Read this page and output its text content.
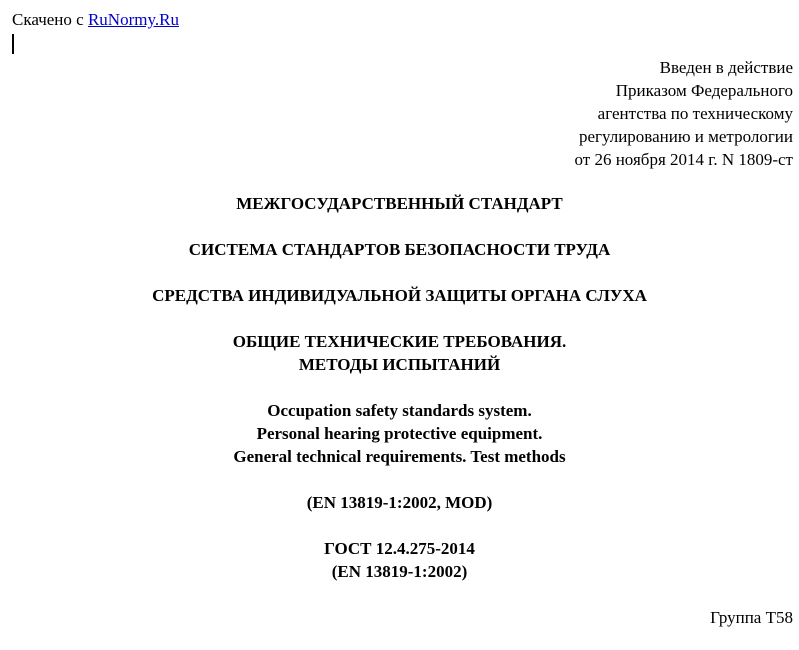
Скачено с RuNormy.Ru
Введен в действие
Приказом Федерального
агентства по техническому
регулированию и метрологии
от 26 ноября 2014 г. N 1809-ст
МЕЖГОСУДАРСТВЕННЫЙ СТАНДАРТ
СИСТЕМА СТАНДАРТОВ БЕЗОПАСНОСТИ ТРУДА
СРЕДСТВА ИНДИВИДУАЛЬНОЙ ЗАЩИТЫ ОРГАНА СЛУХА
ОБЩИЕ ТЕХНИЧЕСКИЕ ТРЕБОВАНИЯ.
МЕТОДЫ ИСПЫТАНИЙ
Occupation safety standards system.
Personal hearing protective equipment.
General technical requirements. Test methods
(EN 13819-1:2002, MOD)
ГОСТ 12.4.275-2014
(EN 13819-1:2002)
Группа Т58
